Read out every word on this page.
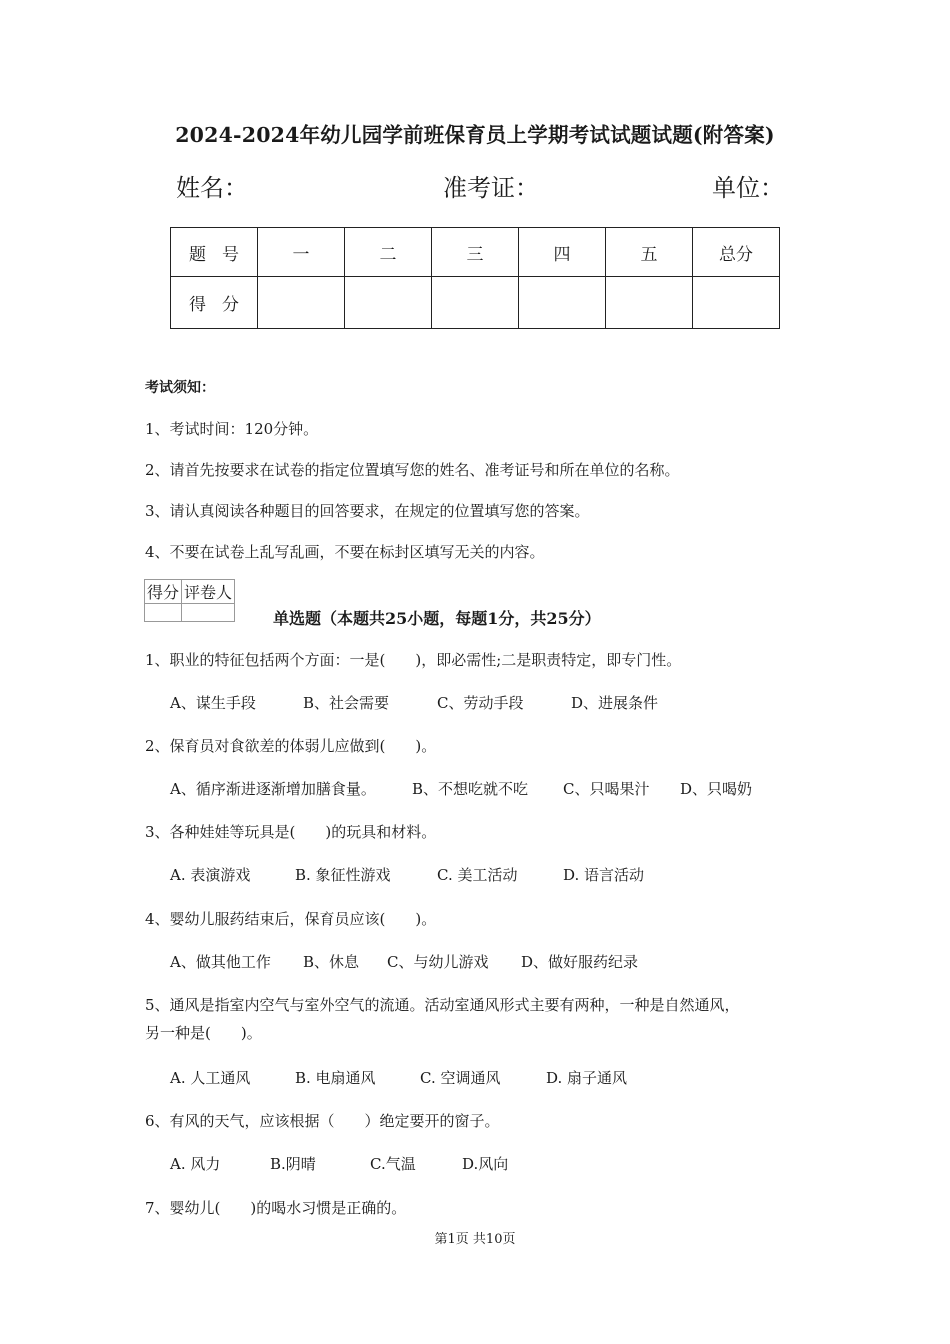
2024-2024年幼儿园学前班保育员上学期考试试题试题(附答案)
姓名：	准考证：	单位：
题号	一	二	三	四	五	总分
得分						
考试须知：
1、考试时间：120分钟。
2、请首先按要求在试卷的指定位置填写您的姓名、准考证号和所在单位的名称。
3、请认真阅读各种题目的回答要求，在规定的位置填写您的答案。
4、不要在试卷上乱写乱画，不要在标封区填写无关的内容。
得分	评卷人

单选题（本题共25小题，每题1分，共25分）
1、职业的特征包括两个方面：一是(　　)，即必需性;二是职责特定，即专门性。
A、谋生手段	B、社会需要	C、劳动手段	D、进展条件
2、保育员对食欲差的体弱儿应做到(　　)。
A、循序渐进逐渐增加膳食量。 B、不想吃就不吃 C、只喝果汁 D、只喝奶
3、各种娃娃等玩具是(　　)的玩具和材料。
A. 表演游戏	B. 象征性游戏	C. 美工活动	D. 语言活动
4、婴幼儿服药结束后，保育员应该(　　)。
A、做其他工作 B、休息 C、与幼儿游戏 D、做好服药纪录
5、通风是指室内空气与室外空气的流通。活动室通风形式主要有两种，一种是自然通风，
另一种是(　　)。
A. 人工通风	B. 电扇通风	C. 空调通风	D. 扇子通风
6、有风的天气，应该根据（　　）绝定要开的窗子。
A. 风力	B.阴晴	C.气温	D.风向
7、婴幼儿(　　)的喝水习惯是正确的。
第1页 共10页
